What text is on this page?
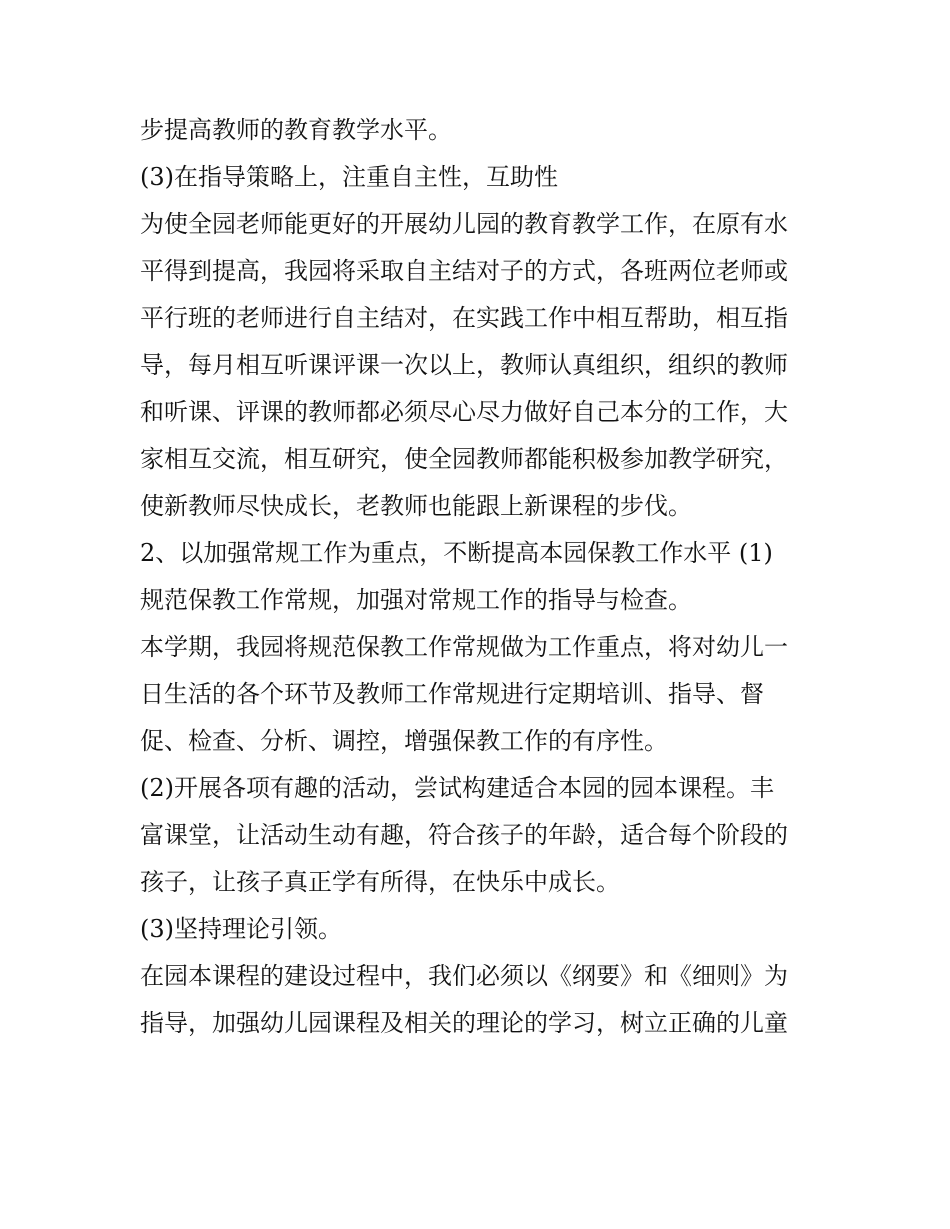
步提高教师的教育教学水平。
(3)在指导策略上，注重自主性，互助性
为使全园老师能更好的开展幼儿园的教育教学工作，在原有水
平得到提高，我园将采取自主结对子的方式，各班两位老师或
平行班的老师进行自主结对，在实践工作中相互帮助，相互指
导，每月相互听课评课一次以上，教师认真组织，组织的教师
和听课、评课的教师都必须尽心尽力做好自己本分的工作，大
家相互交流，相互研究，使全园教师都能积极参加教学研究，
使新教师尽快成长，老教师也能跟上新课程的步伐。
2、以加强常规工作为重点，不断提高本园保教工作水平 (1)
规范保教工作常规，加强对常规工作的指导与检查。
本学期，我园将规范保教工作常规做为工作重点，将对幼儿一
日生活的各个环节及教师工作常规进行定期培训、指导、督
促、检查、分析、调控，增强保教工作的有序性。
(2)开展各项有趣的活动，尝试构建适合本园的园本课程。丰
富课堂，让活动生动有趣，符合孩子的年龄，适合每个阶段的
孩子，让孩子真正学有所得，在快乐中成长。
(3)坚持理论引领。
在园本课程的建设过程中，我们必须以《纲要》和《细则》为
指导，加强幼儿园课程及相关的理论的学习，树立正确的儿童
